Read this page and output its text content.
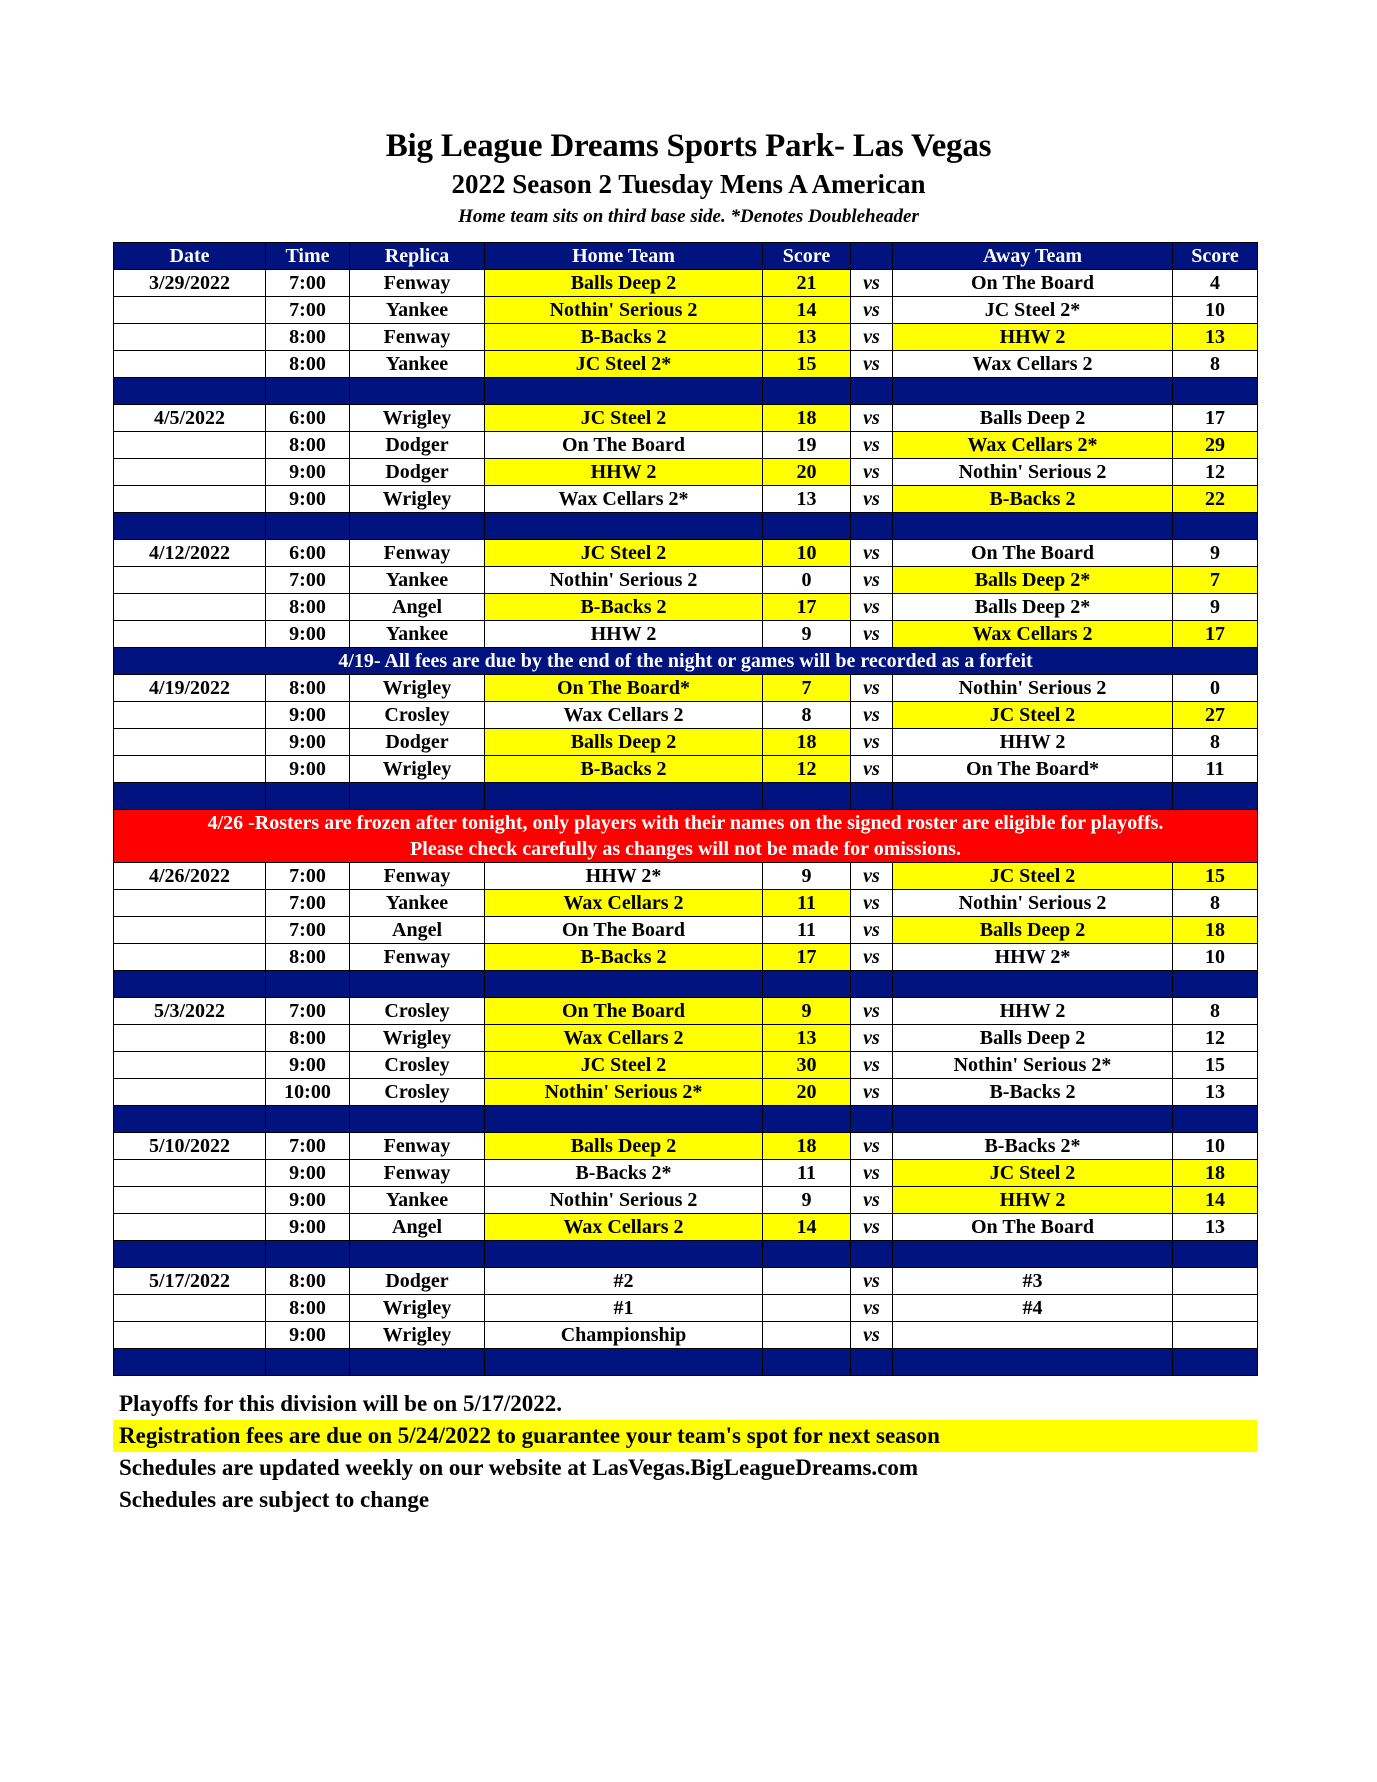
Big League Dreams Sports Park- Las Vegas
2022 Season 2 Tuesday Mens A American
Home team sits on third base side. *Denotes Doubleheader
Date	Time	Replica	Home Team	Score		Away Team	Score
3/29/2022	7:00	Fenway	Balls Deep 2	21	vs	On The Board	4
	7:00	Yankee	Nothin' Serious 2	14	vs	JC Steel 2*	10
	8:00	Fenway	B-Backs 2	13	vs	HHW 2	13
	8:00	Yankee	JC Steel 2*	15	vs	Wax Cellars 2	8

4/5/2022	6:00	Wrigley	JC Steel 2	18	vs	Balls Deep 2	17
	8:00	Dodger	On The Board	19	vs	Wax Cellars 2*	29
	9:00	Dodger	HHW 2	20	vs	Nothin' Serious 2	12
	9:00	Wrigley	Wax Cellars 2*	13	vs	B-Backs 2	22

4/12/2022	6:00	Fenway	JC Steel 2	10	vs	On The Board	9
	7:00	Yankee	Nothin' Serious 2	0	vs	Balls Deep 2*	7
	8:00	Angel	B-Backs 2	17	vs	Balls Deep 2*	9
	9:00	Yankee	HHW 2	9	vs	Wax Cellars 2	17
4/19- All fees are due by the end of the night or games will be recorded as a forfeit							
4/19/2022	8:00	Wrigley	On The Board*	7	vs	Nothin' Serious 2	0
	9:00	Crosley	Wax Cellars 2	8	vs	JC Steel 2	27
	9:00	Dodger	Balls Deep 2	18	vs	HHW 2	8
	9:00	Wrigley	B-Backs 2	12	vs	On The Board*	11

4/26 -Rosters are frozen after tonight, only players with their names on the signed roster are eligible for playoffs.
Please check carefully as changes will not be made for omissions.							

4/26/2022	7:00	Fenway	HHW 2*	9	vs	JC Steel 2	15
	7:00	Yankee	Wax Cellars 2	11	vs	Nothin' Serious 2	8
	7:00	Angel	On The Board	11	vs	Balls Deep 2	18
	8:00	Fenway	B-Backs 2	17	vs	HHW 2*	10

5/3/2022	7:00	Crosley	On The Board	9	vs	HHW 2	8
	8:00	Wrigley	Wax Cellars 2	13	vs	Balls Deep 2	12
	9:00	Crosley	JC Steel 2	30	vs	Nothin' Serious 2*	15
	10:00	Crosley	Nothin' Serious 2*	20	vs	B-Backs 2	13

5/10/2022	7:00	Fenway	Balls Deep 2	18	vs	B-Backs 2*	10
	9:00	Fenway	B-Backs 2*	11	vs	JC Steel 2	18
	9:00	Yankee	Nothin' Serious 2	9	vs	HHW 2	14
	9:00	Angel	Wax Cellars 2	14	vs	On The Board	13

5/17/2022	8:00	Dodger	#2		vs	#3	
	8:00	Wrigley	#1		vs	#4	
	9:00	Wrigley	Championship		vs		

Playoffs for this division will be on 5/17/2022.
Registration fees are due on 5/24/2022 to guarantee your team's spot for next season
Schedules are updated weekly on our website at LasVegas.BigLeagueDreams.com
Schedules are subject to change
